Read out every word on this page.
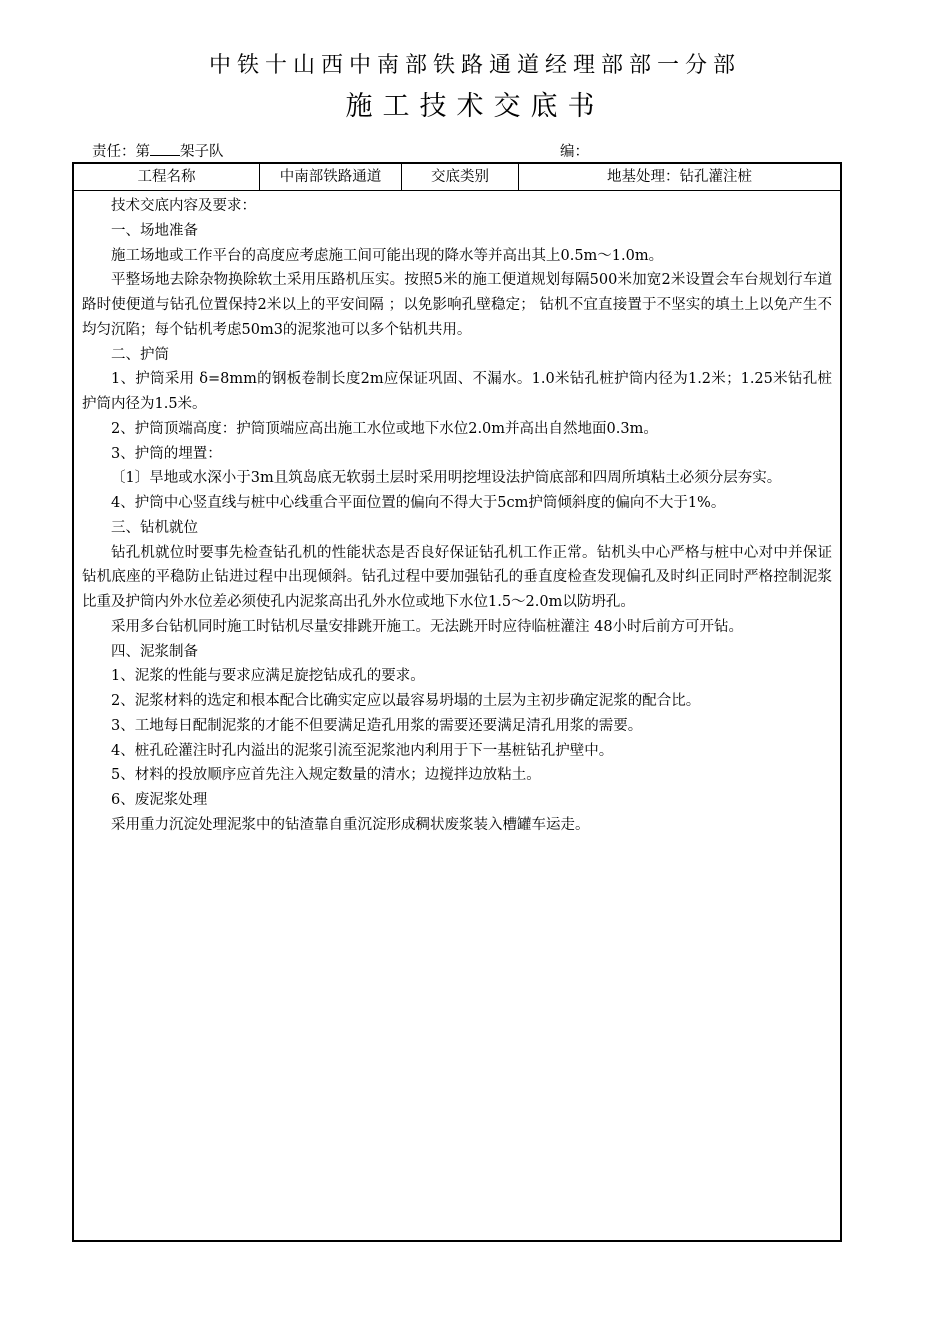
中铁十山西中南部铁路通道经理部部一分部
施工技术交底书
责任：第 架子队	编：
工程名称	中南部铁路通道	交底类别	地基处理：钻孔灌注桩

技术交底内容及要求：

一、场地准备

施工场地或工作平台的高度应考虑施工间可能出现的降水等并高出其上0.5m～1.0m。

平整场地去除杂物换除软土采用压路机压实。按照5米的施工便道规划每隔500米加宽2米设置会车台规划行车道路时使便道与钻孔位置保持2米以上的平安间隔 ；以免影响孔壁稳定； 钻机不宜直接置于不坚实的填土上以免产生不均匀沉陷；每个钻机考虑50m3的泥浆池可以多个钻机共用。

二、护筒

1、护筒采用 δ=8mm的钢板卷制长度2m应保证巩固、不漏水。1.0米钻孔桩护筒内径为1.2米；1.25米钻孔桩护筒内径为1.5米。

2、护筒顶端高度：护筒顶端应高出施工水位或地下水位2.0m并高出自然地面0.3m。

3、护筒的埋置：

〔1〕旱地或水深小于3m且筑岛底无软弱土层时采用明挖埋设法护筒底部和四周所填粘土必须分层夯实。

4、护筒中心竖直线与桩中心线重合平面位置的偏向不得大于5cm护筒倾斜度的偏向不大于1%。

三、钻机就位

钻孔机就位时要事先检查钻孔机的性能状态是否良好保证钻孔机工作正常。钻机头中心严格与桩中心对中并保证钻机底座的平稳防止钻进过程中出现倾斜。钻孔过程中要加强钻孔的垂直度检查发现偏孔及时纠正同时严格控制泥浆比重及护筒内外水位差必须使孔内泥浆高出孔外水位或地下水位1.5～2.0m以防坍孔。

采用多台钻机同时施工时钻机尽量安排跳开施工。无法跳开时应待临桩灌注 48小时后前方可开钻。

四、泥浆制备

1、泥浆的性能与要求应满足旋挖钻成孔的要求。

2、泥浆材料的选定和根本配合比确实定应以最容易坍塌的土层为主初步确定泥浆的配合比。

3、工地每日配制泥浆的才能不但要满足造孔用浆的需要还要满足清孔用浆的需要。

4、桩孔砼灌注时孔内溢出的泥浆引流至泥浆池内利用于下一基桩钻孔护壁中。

5、材料的投放顺序应首先注入规定数量的清水；边搅拌边放粘土。

6、废泥浆处理

采用重力沉淀处理泥浆中的钻渣靠自重沉淀形成稠状废浆装入槽罐车运走。
